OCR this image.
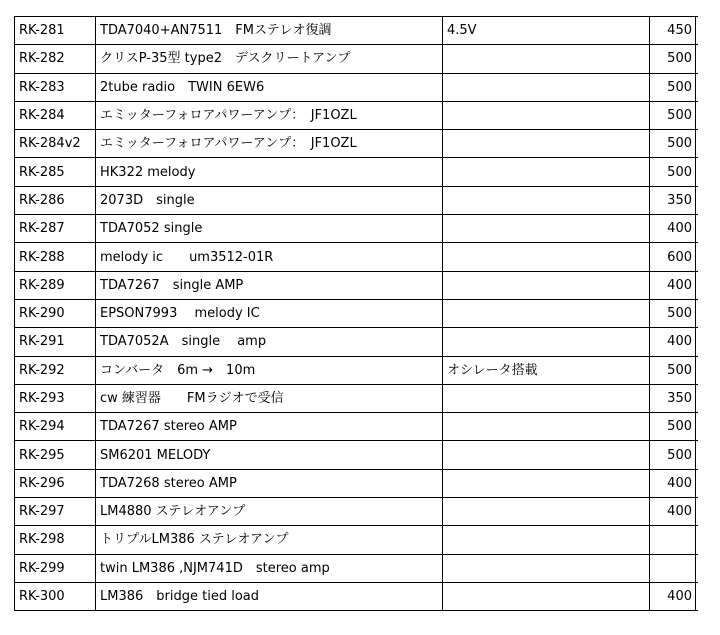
RK-281	TDA7040+AN7511　FMステレオ復調	4.5V	450	
RK-282	クリスP-35型 type2　デスクリートアンプ		500	
RK-283	2tube radio　TWIN 6EW6		500	
RK-284	エミッターフォロアパワーアンプ：　JF1OZL		500	
RK-284v2	エミッターフォロアパワーアンプ：　JF1OZL		500	
RK-285	HK322 melody		500	
RK-286	2073D　single		350	
RK-287	TDA7052 single		400	
RK-288	melody ic　　um3512-01R		600	
RK-289	TDA7267　single AMP		400	
RK-290	EPSON7993　 melody IC		500	
RK-291	TDA7052A　single　 amp		400	
RK-292	コンバータ　6m →　10m	オシレータ搭載	500	
RK-293	cw 練習器　　FMラジオで受信		350	
RK-294	TDA7267 stereo AMP		500	
RK-295	SM6201 MELODY		500	
RK-296	TDA7268 stereo AMP		400	
RK-297	LM4880 ステレオアンプ		400	
RK-298	トリプルLM386 ステレオアンプ			
RK-299	twin LM386 ,NJM741D　stereo amp			
RK-300	LM386　bridge tied load		400	
